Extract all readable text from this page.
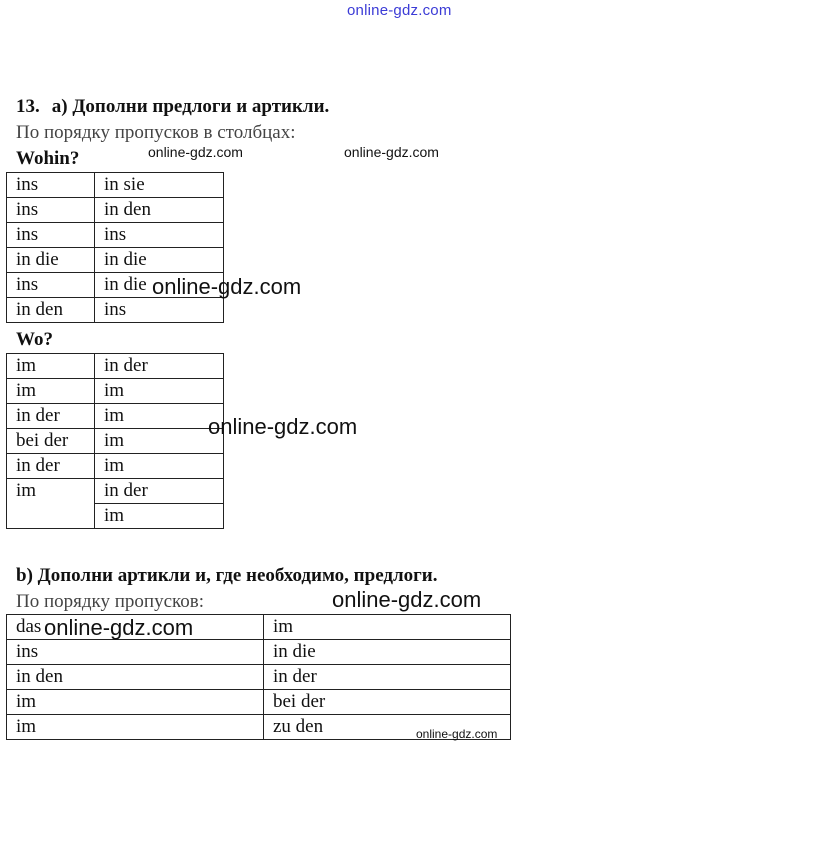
online-gdz.com
13. a) Дополни предлоги и артикли.
По порядку пропусков в столбцах:
Wohin?
ins	in sie
ins	in den
ins	ins
in die	in die
ins	in die
in den	ins
Wo?
im	in der
im	im
in der	im
bei der	im
in der	im
im	in der
	im
b) Дополни артикли и, где необходимо, предлоги.
По порядку пропусков:
das	im
ins	in die
in den	in der
im	bei der
im	zu den
online-gdz.com	online-gdz.com
online-gdz.com
online-gdz.com
online-gdz.com
online-gdz.com
online-gdz.com
